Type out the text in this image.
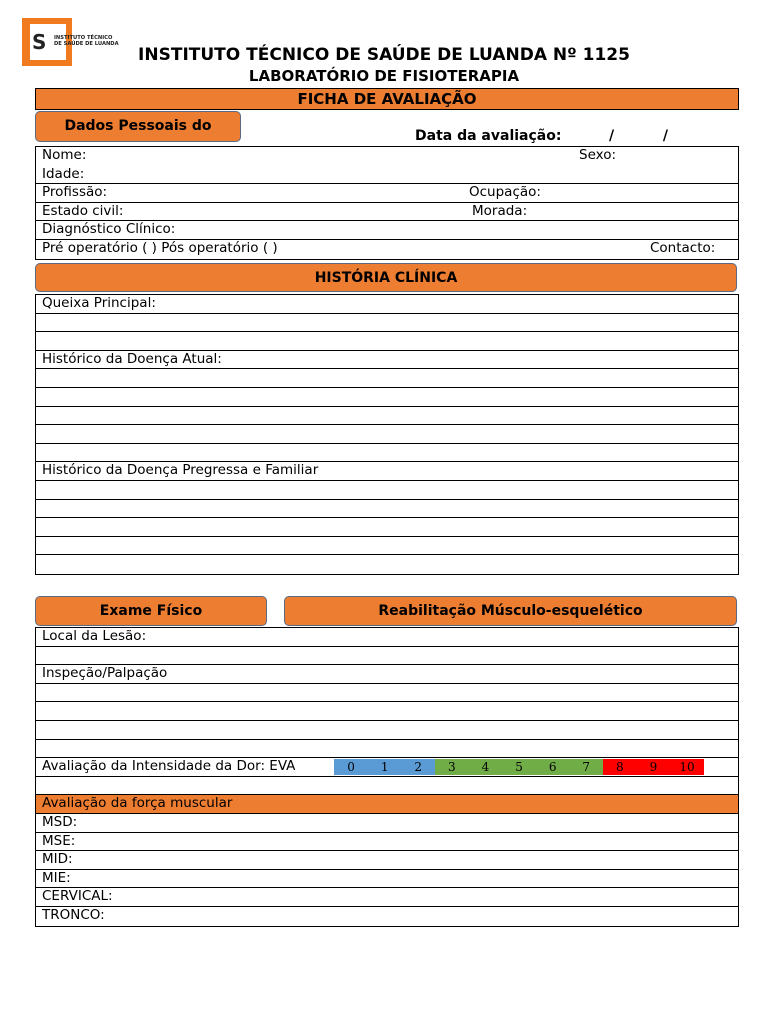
S INSTITUTO TÉCNICO
DE SAÚDE DE LUANDA
INSTITUTO TÉCNICO DE SAÚDE DE LUANDA Nº 1125
LABORATÓRIO DE FISIOTERAPIA
FICHA DE AVALIAÇÃO
Dados Pessoais do
Data da avaliação:	/          /
Nome:	Sexo:
Idade:
Profissão:	Ocupação:
Estado civil:	Morada:
Diagnóstico Clínico:
Pré operatório ( ) Pós operatório ( )	Contacto:
HISTÓRIA CLÍNICA
Queixa Principal:
Histórico da Doença Atual:
Histórico da Doença Pregressa e Familiar
Exame Físico	Reabilitação Músculo-esquelético
Local da Lesão:
Inspeção/Palpação
Avaliação da Intensidade da Dor: EVA	0	1	2	3	4	5	6	7	8	9	10
Avaliação da força muscular
MSD:
MSE:
MID:
MIE:
CERVICAL:
TRONCO:
